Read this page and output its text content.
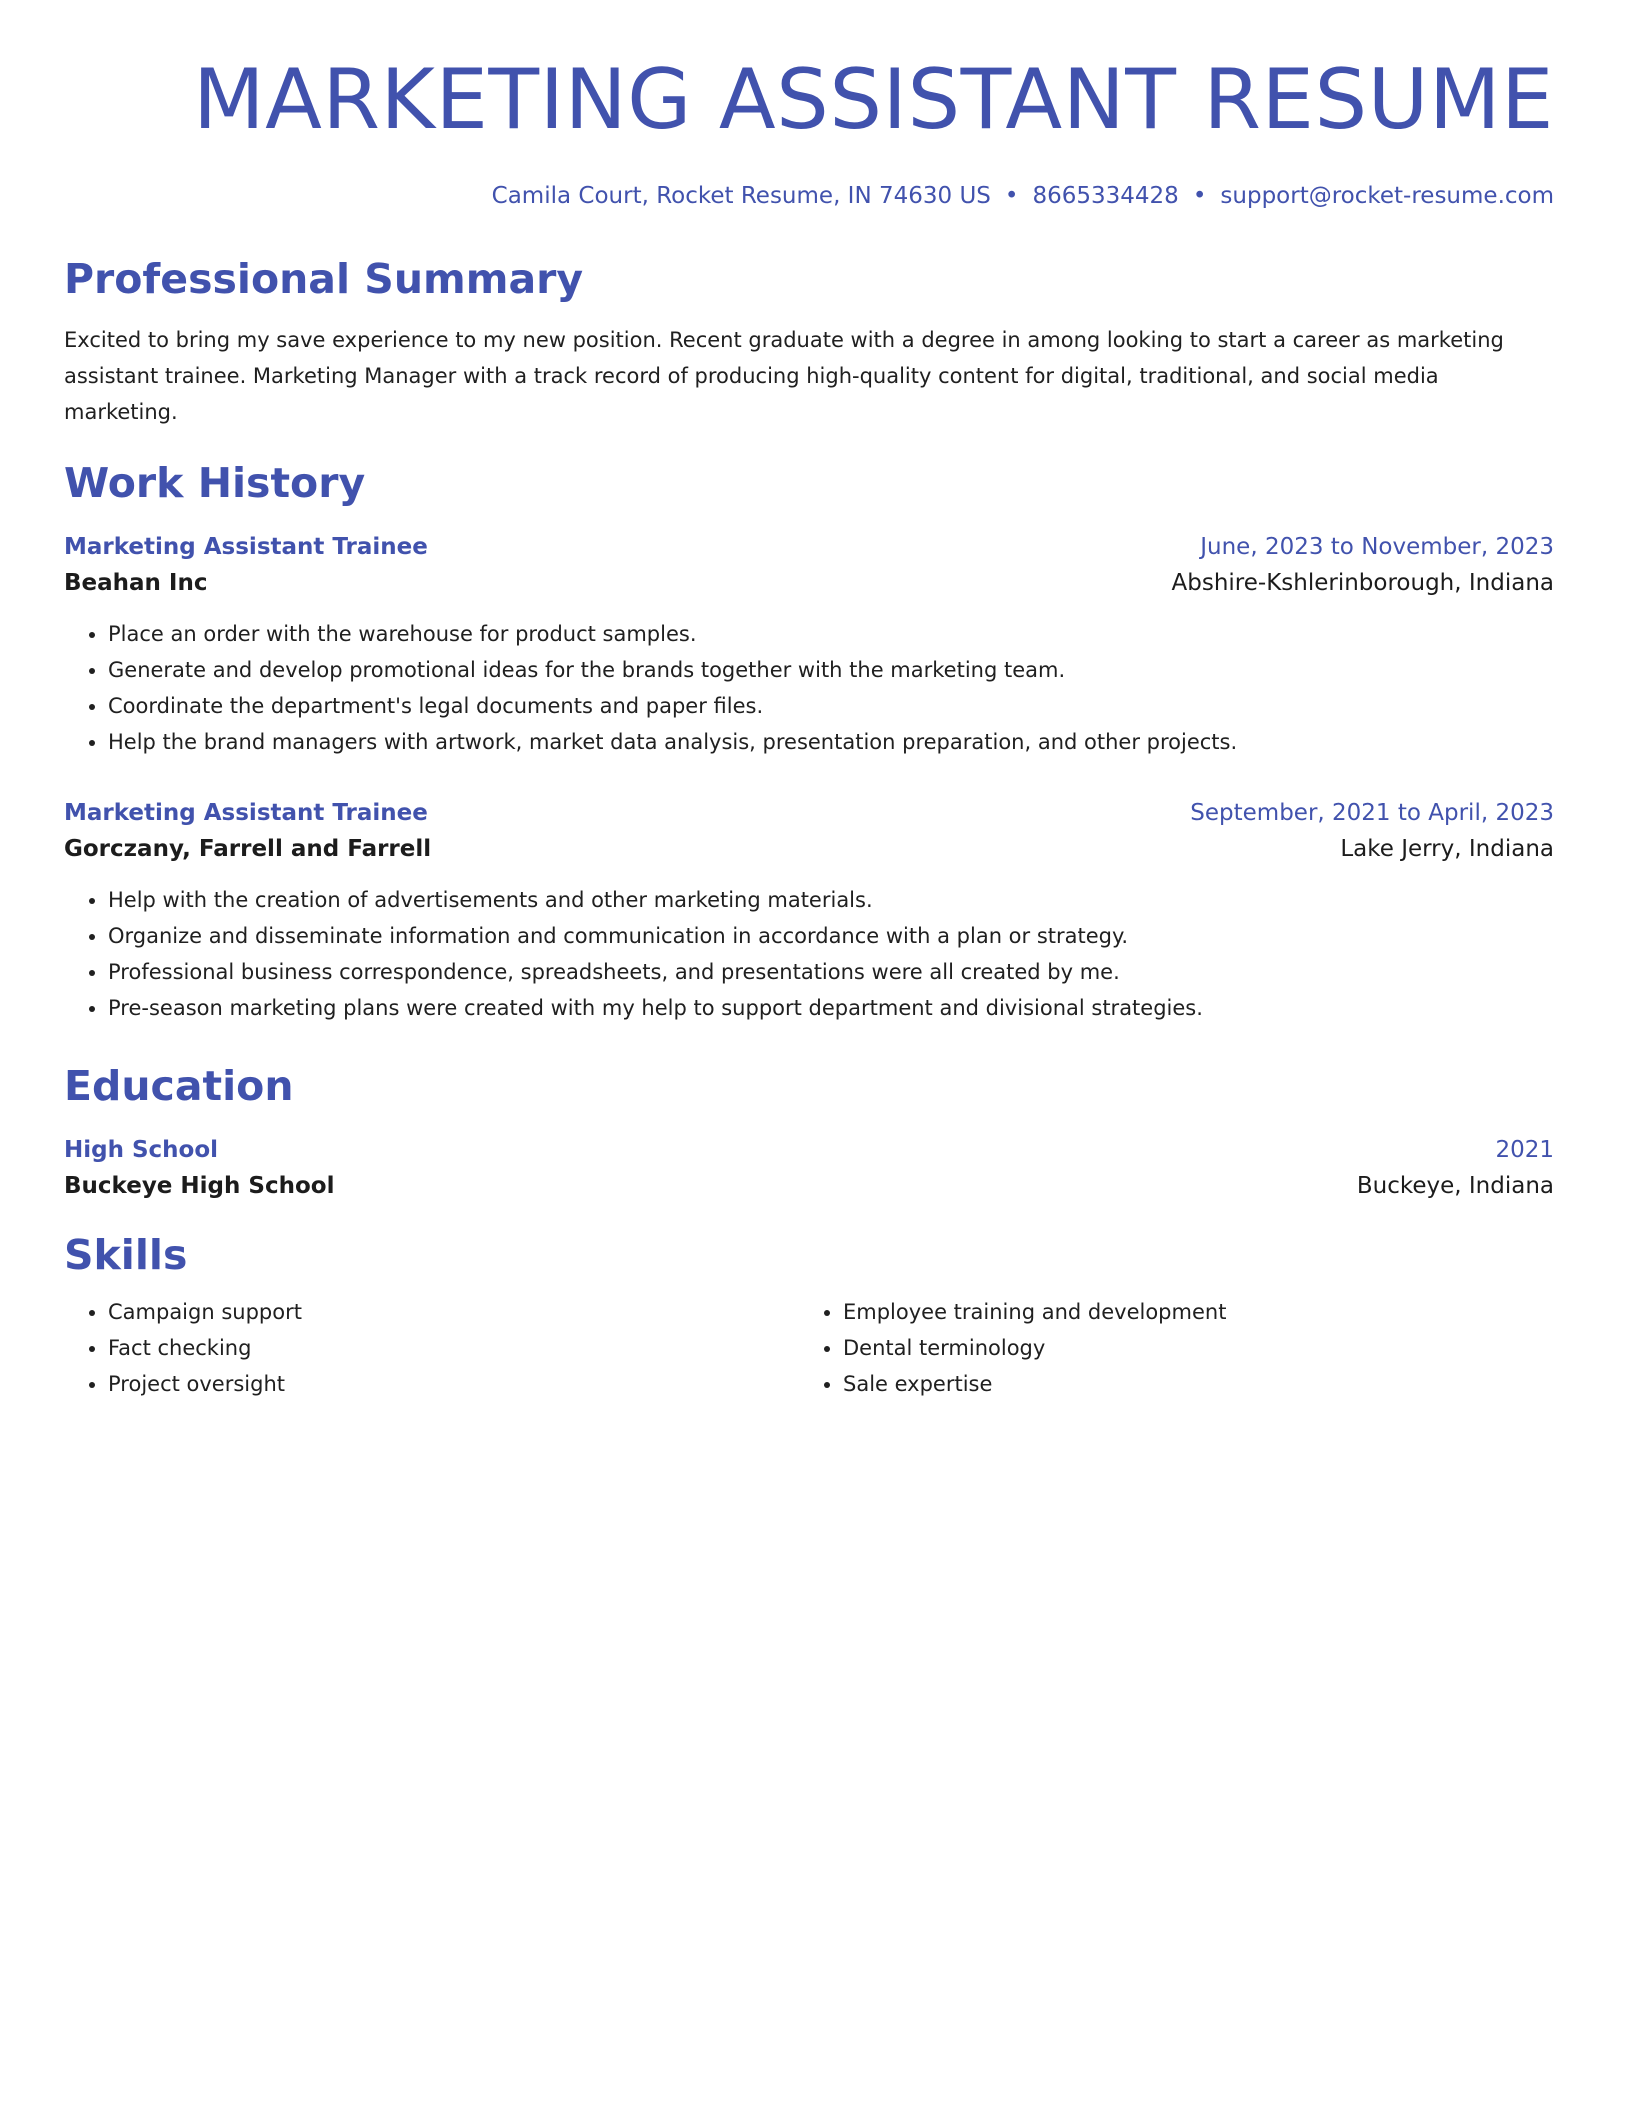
MARKETING ASSISTANT RESUME
Camila Court, Rocket Resume, IN 74630 US • 8665334428 • support@rocket-resume.com
Professional Summary
Excited to bring my save experience to my new position. Recent graduate with a degree in among looking to start a career as marketing assistant trainee. Marketing Manager with a track record of producing high-quality content for digital, traditional, and social media marketing.
Work History
Marketing Assistant Trainee	June, 2023 to November, 2023
Beahan Inc	Abshire-Kshlerinborough, Indiana
• Place an order with the warehouse for product samples.
• Generate and develop promotional ideas for the brands together with the marketing team.
• Coordinate the department's legal documents and paper files.
• Help the brand managers with artwork, market data analysis, presentation preparation, and other projects.
Marketing Assistant Trainee	September, 2021 to April, 2023
Gorczany, Farrell and Farrell	Lake Jerry, Indiana
• Help with the creation of advertisements and other marketing materials.
• Organize and disseminate information and communication in accordance with a plan or strategy.
• Professional business correspondence, spreadsheets, and presentations were all created by me.
• Pre-season marketing plans were created with my help to support department and divisional strategies.
Education
High School	2021
Buckeye High School	Buckeye, Indiana
Skills
• Campaign support
• Fact checking
• Project oversight
• Employee training and development
• Dental terminology
• Sale expertise
